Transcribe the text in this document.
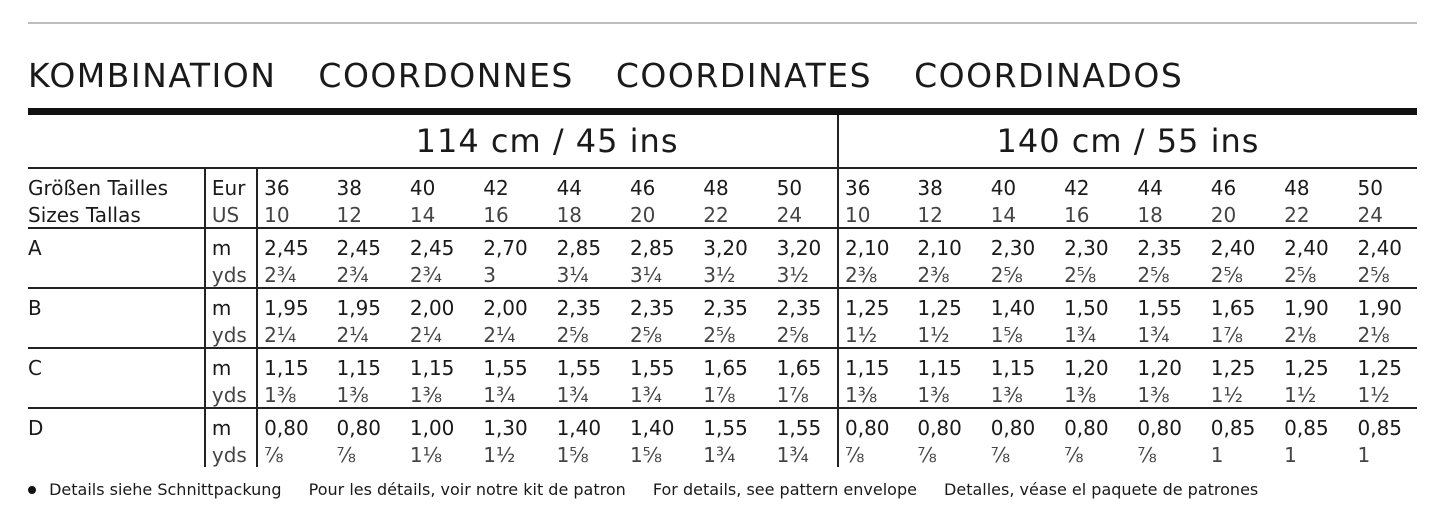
KOMBINATION COORDONNES COORDINATES COORDINADOS
		114 cm / 45 ins								140 cm / 55 ins							
Größen Tailles	Eur	36	38	40	42	44	46	48	50	36	38	40	42	44	46	48	50
Sizes Tallas	US	10	12	14	16	18	20	22	24	10	12	14	16	18	20	22	24
A	m	2,45	2,45	2,45	2,70	2,85	2,85	3,20	3,20	2,10	2,10	2,30	2,30	2,35	2,40	2,40	2,40
	yds	2¾	2¾	2¾	3	3¼	3¼	3½	3½	2⅜	2⅜	2⅝	2⅝	2⅝	2⅝	2⅝	2⅝
B	m	1,95	1,95	2,00	2,00	2,35	2,35	2,35	2,35	1,25	1,25	1,40	1,50	1,55	1,65	1,90	1,90
	yds	2¼	2¼	2¼	2¼	2⅝	2⅝	2⅝	2⅝	1½	1½	1⅝	1¾	1¾	1⅞	2⅛	2⅛
C	m	1,15	1,15	1,15	1,55	1,55	1,55	1,65	1,65	1,15	1,15	1,15	1,20	1,20	1,25	1,25	1,25
	yds	1⅜	1⅜	1⅜	1¾	1¾	1¾	1⅞	1⅞	1⅜	1⅜	1⅜	1⅜	1⅜	1½	1½	1½
D	m	0,80	0,80	1,00	1,30	1,40	1,40	1,55	1,55	0,80	0,80	0,80	0,80	0,80	0,85	0,85	0,85
	yds	⅞	⅞	1⅛	1½	1⅝	1⅝	1¾	1¾	⅞	⅞	⅞	⅞	⅞	1	1	1
Details siehe Schnittpackung Pour les détails, voir notre kit de patron For details, see pattern envelope Detalles, véase el paquete de patrones
